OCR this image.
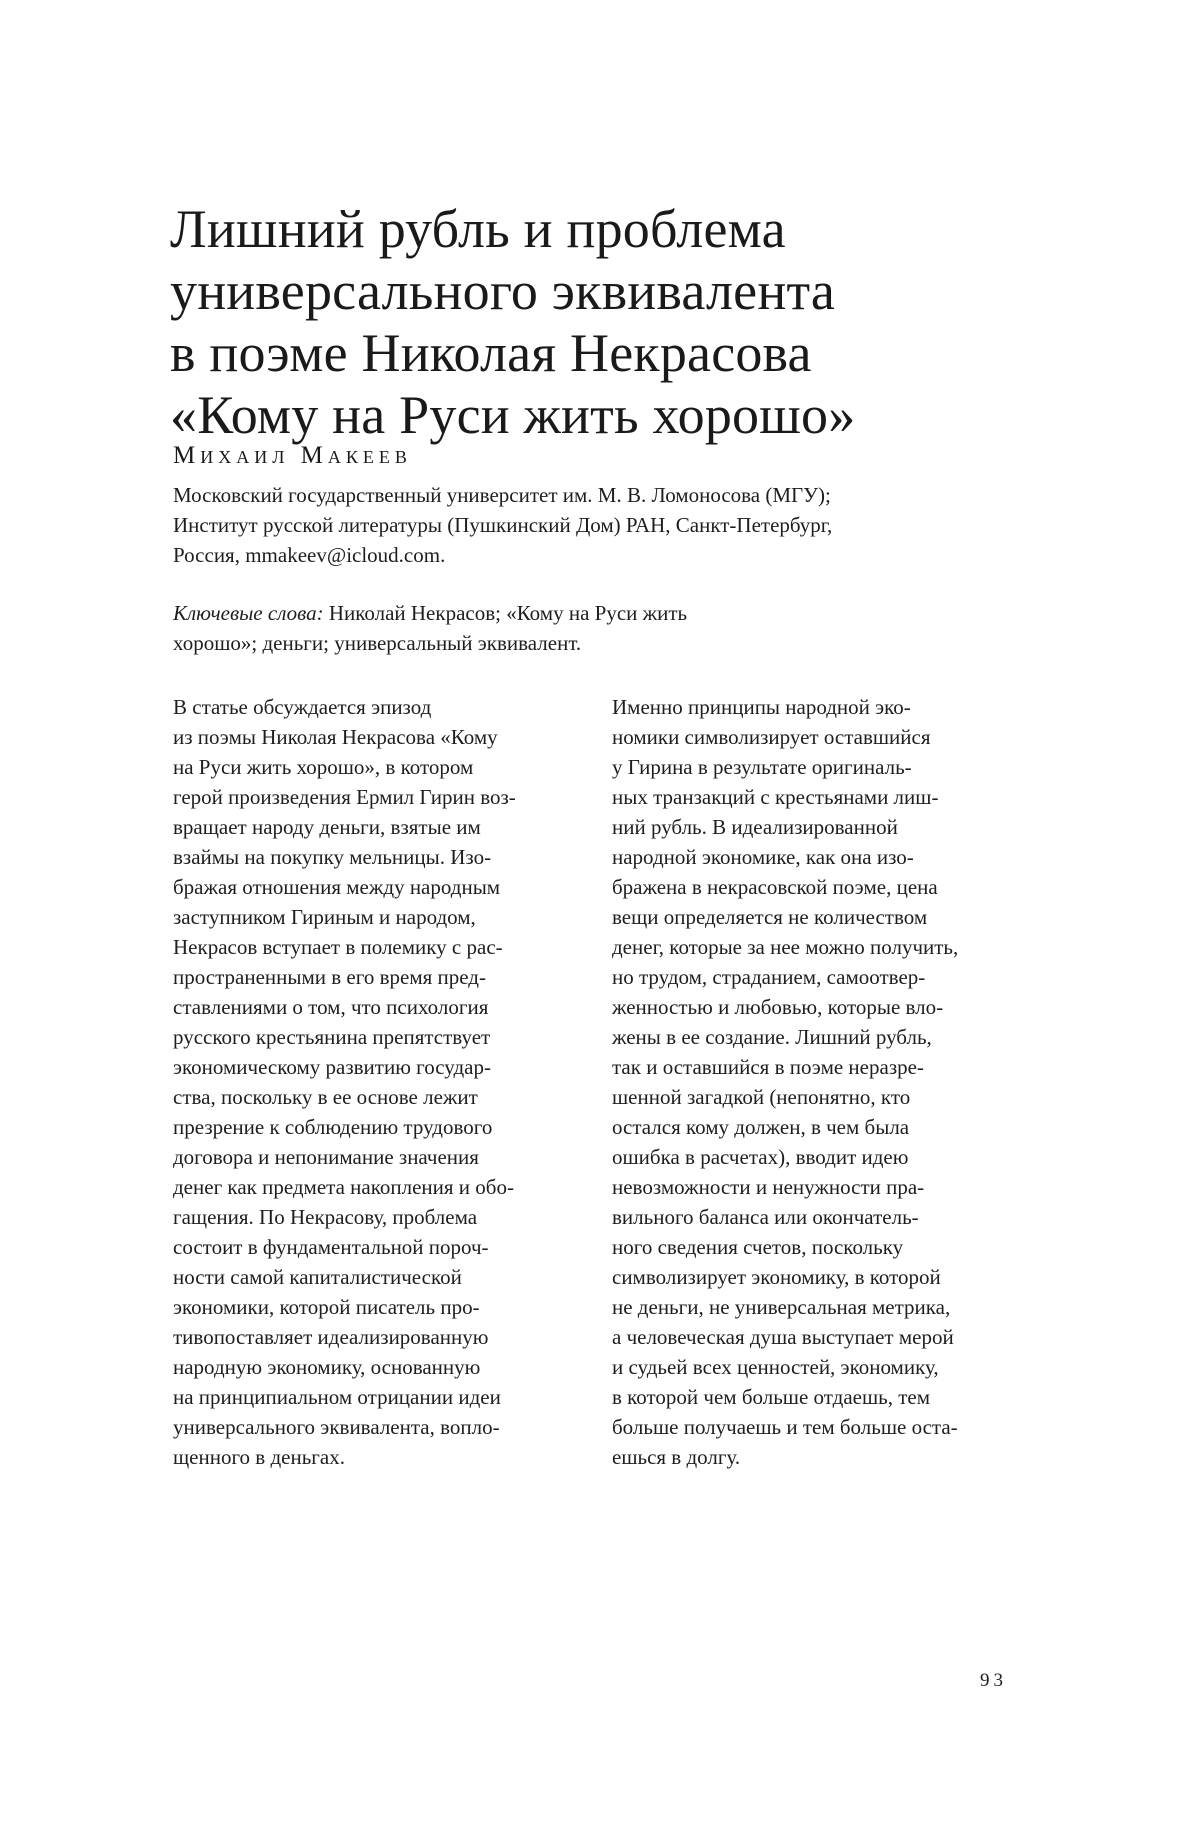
Лишний рубль и проблема
универсального эквивалента
в поэме Николая Некрасова
«Кому на Руси жить хорошо»
Михаил Макеев
Московский государственный университет им. М. В. Ломоносова (МГУ);
Институт русской литературы (Пушкинский Дом) РАН, Санкт-Петербург,
Россия, mmakeev@icloud.com.
Ключевые слова: Николай Некрасов; «Кому на Руси жить
хорошо»; деньги; универсальный эквивалент.
В статье обсуждается эпизод
из поэмы Николая Некрасова «Кому
на Руси жить хорошо», в котором
герой произведения Ермил Гирин воз-
вращает народу деньги, взятые им
взаймы на покупку мельницы. Изо-
бражая отношения между народным
заступником Гириным и народом,
Некрасов вступает в полемику с рас-
пространенными в его время пред-
ставлениями о том, что психология
русского крестьянина препятствует
экономическому развитию государ-
ства, поскольку в ее основе лежит
презрение к соблюдению трудового
договора и непонимание значения
денег как предмета накопления и обо-
гащения. По Некрасову, проблема
состоит в фундаментальной пороч-
ности самой капиталистической
экономики, которой писатель про-
тивопоставляет идеализированную
народную экономику, основанную
на принципиальном отрицании идеи
универсального эквивалента, вопло-
щенного в деньгах.
Именно принципы народной эко-
номики символизирует оставшийся
у Гирина в результате оригиналь-
ных транзакций с крестьянами лиш-
ний рубль. В идеализированной
народной экономике, как она изо-
бражена в некрасовской поэме, цена
вещи определяется не количеством
денег, которые за нее можно получить,
но трудом, страданием, самоотвер-
женностью и любовью, которые вло-
жены в ее создание. Лишний рубль,
так и оставшийся в поэме неразре-
шенной загадкой (непонятно, кто
остался кому должен, в чем была
ошибка в расчетах), вводит идею
невозможности и ненужности пра-
вильного баланса или окончатель-
ного сведения счетов, поскольку
символизирует экономику, в которой
не деньги, не универсальная метрика,
а человеческая душа выступает мерой
и судьей всех ценностей, экономику,
в которой чем больше отдаешь, тем
больше получаешь и тем больше оста-
ешься в долгу.
93
